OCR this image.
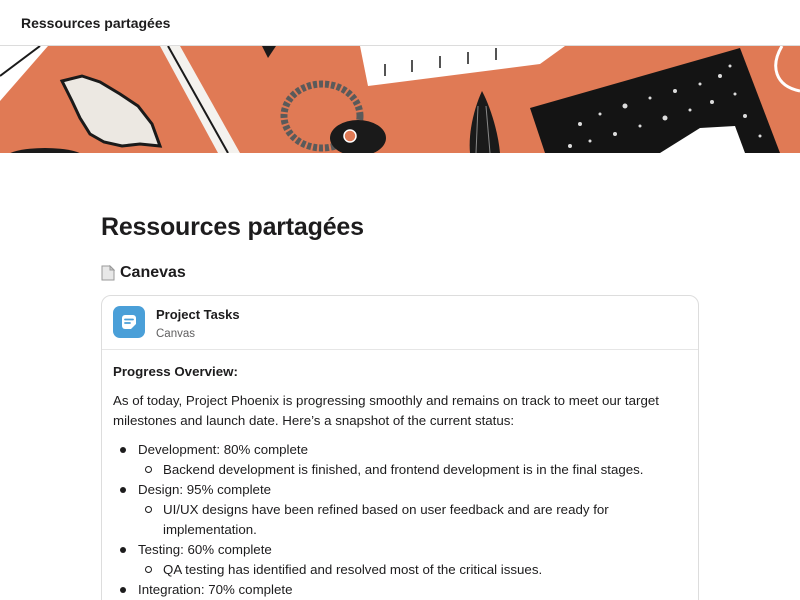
Ressources partagées
Ressources partagées
Canevas
Project Tasks
Canvas
Progress Overview:
As of today, Project Phoenix is progressing smoothly and remains on track to meet our target milestones and launch date. Here’s a snapshot of the current status:
Development: 80% complete
Backend development is finished, and frontend development is in the final stages.
Design: 95% complete
UI/UX designs have been refined based on user feedback and are ready for implementation.
Testing: 60% complete
QA testing has identified and resolved most of the critical issues.
Integration: 70% complete
